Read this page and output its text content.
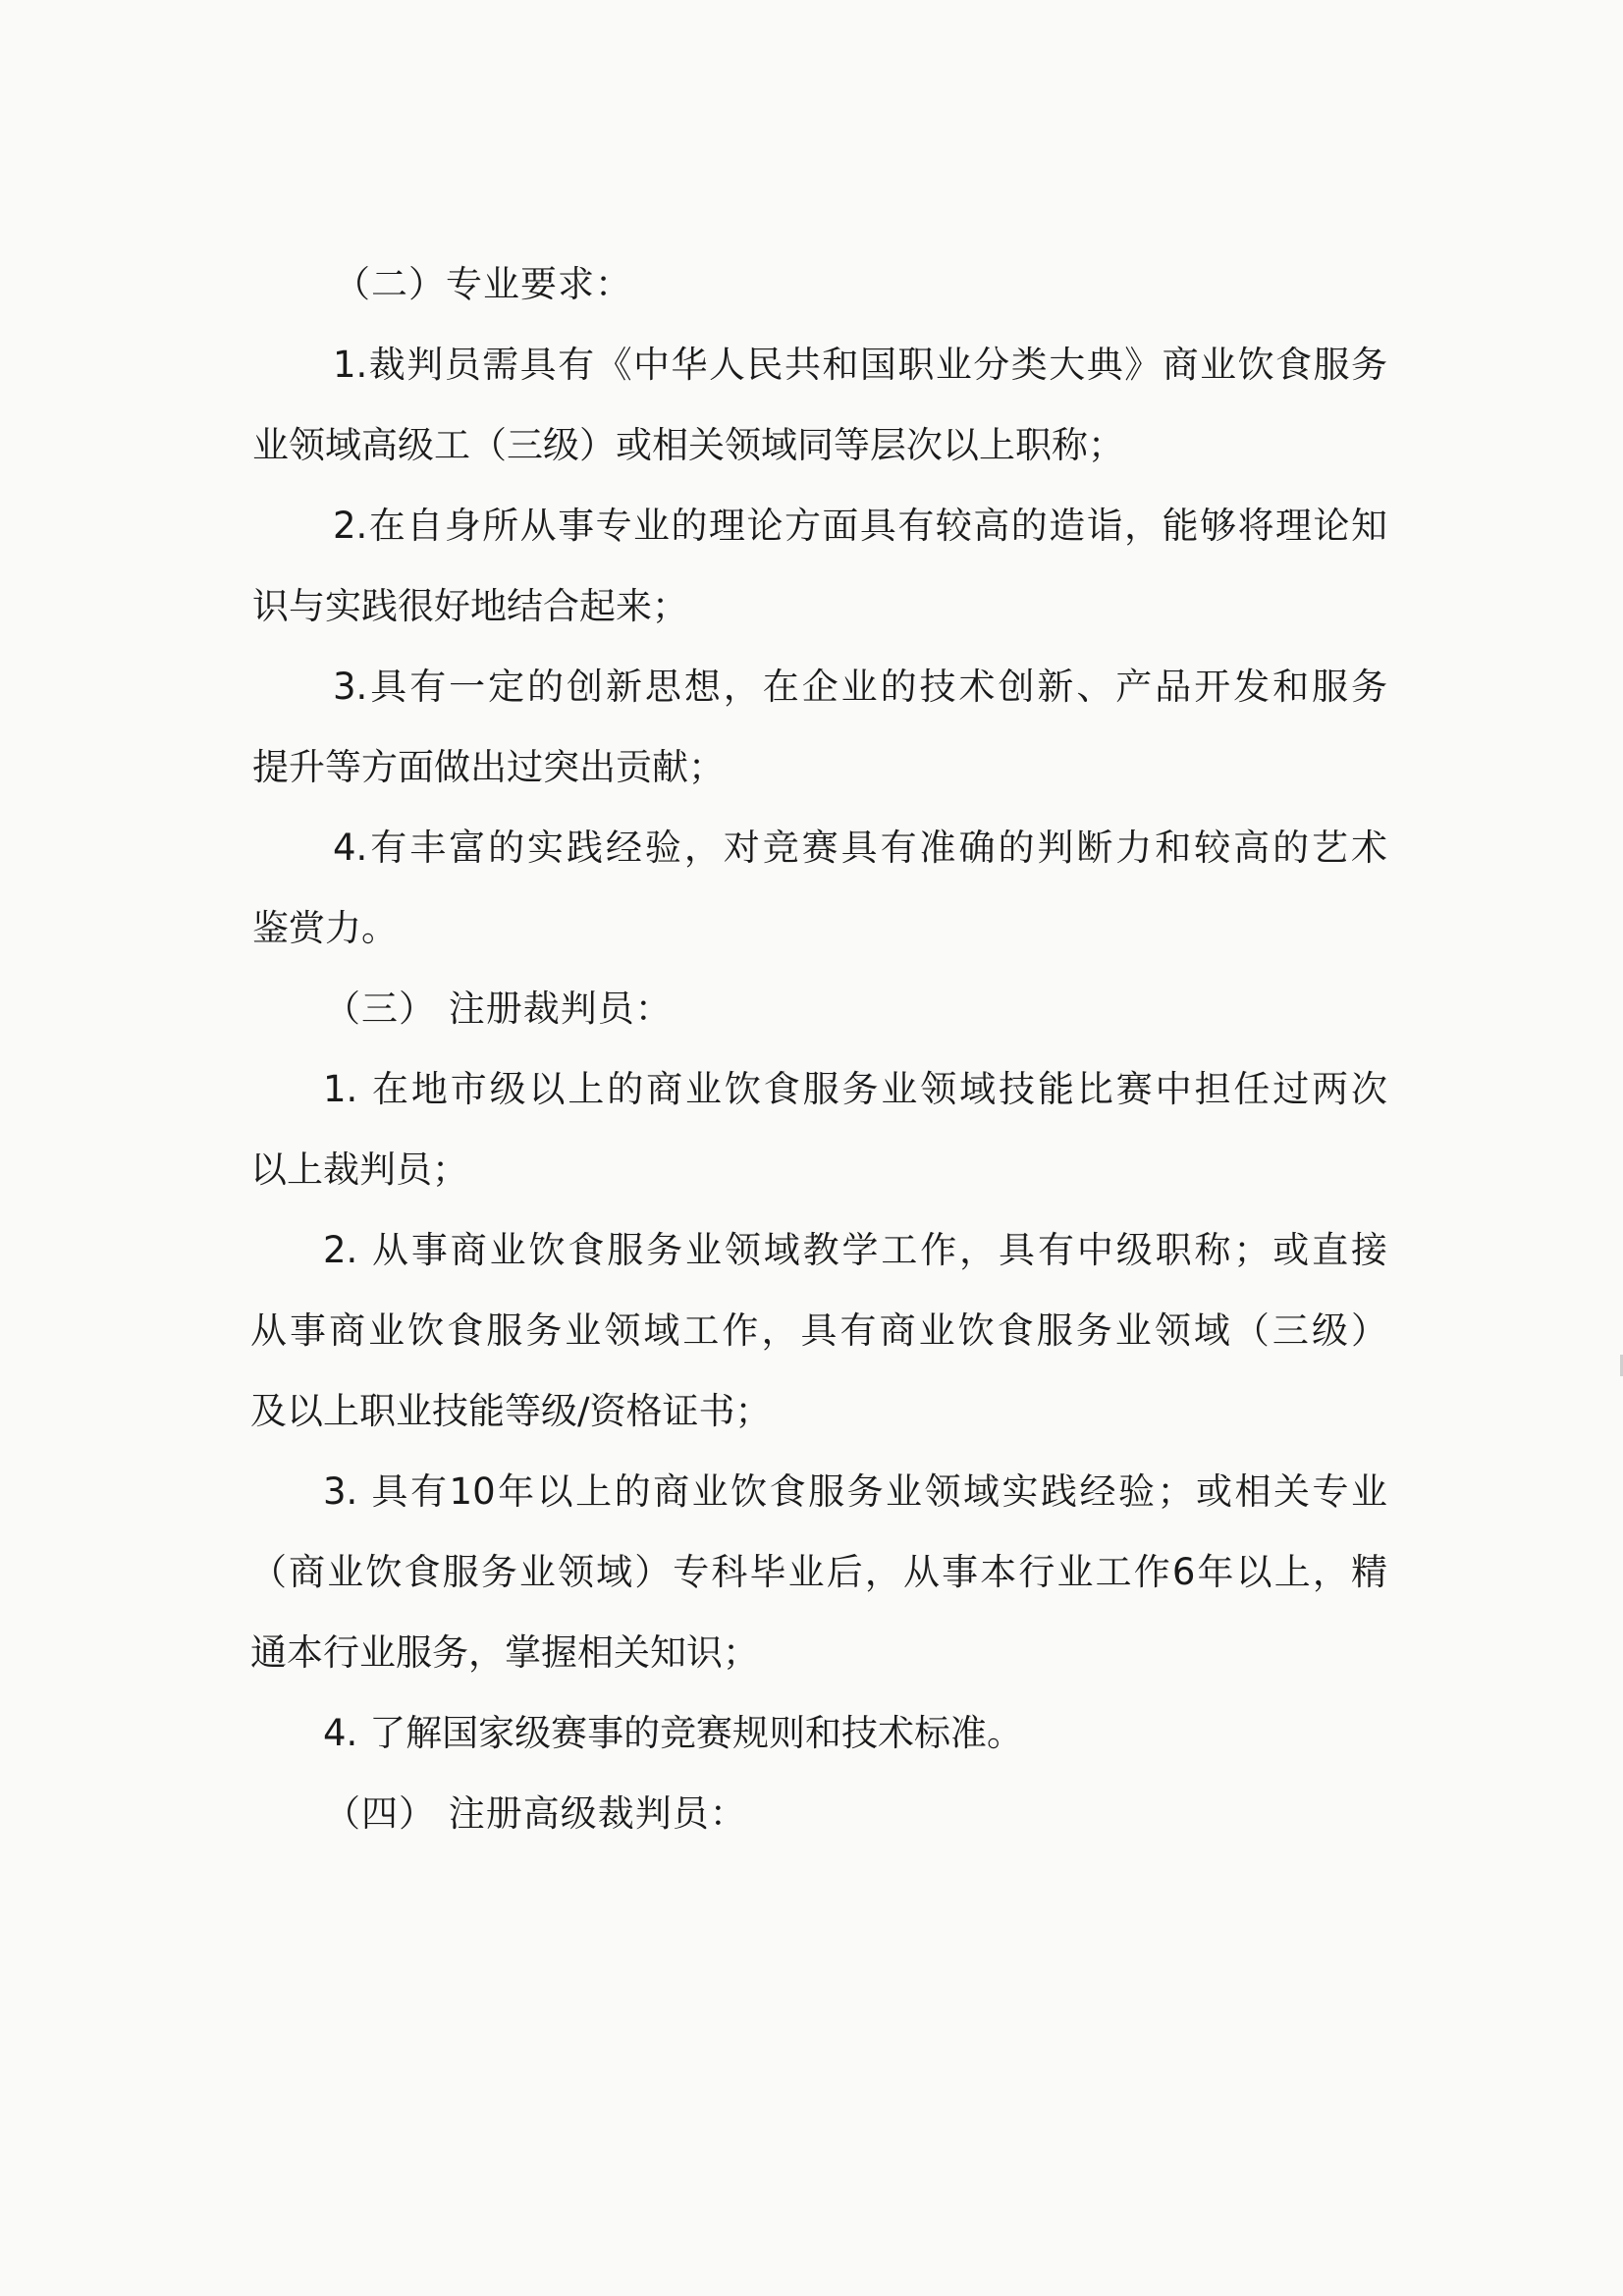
（二）专业要求：
1.裁判员需具有《中华人民共和国职业分类大典》商业饮食服务
业领域高级工（三级）或相关领域同等层次以上职称；
2.在自身所从事专业的理论方面具有较高的造诣，能够将理论知
识与实践很好地结合起来；
3.具有一定的创新思想，在企业的技术创新、产品开发和服务
提升等方面做出过突出贡献；
4.有丰富的实践经验，对竞赛具有准确的判断力和较高的艺术
鉴赏力。
（三） 注册裁判员：
1. 在地市级以上的商业饮食服务业领域技能比赛中担任过两次
以上裁判员；
2. 从事商业饮食服务业领域教学工作，具有中级职称；或直接
从事商业饮食服务业领域工作，具有商业饮食服务业领域（三级）
及以上职业技能等级/资格证书；
3. 具有10年以上的商业饮食服务业领域实践经验；或相关专业
（商业饮食服务业领域）专科毕业后，从事本行业工作6年以上，精
通本行业服务，掌握相关知识；
4. 了解国家级赛事的竞赛规则和技术标准。
（四） 注册高级裁判员：
